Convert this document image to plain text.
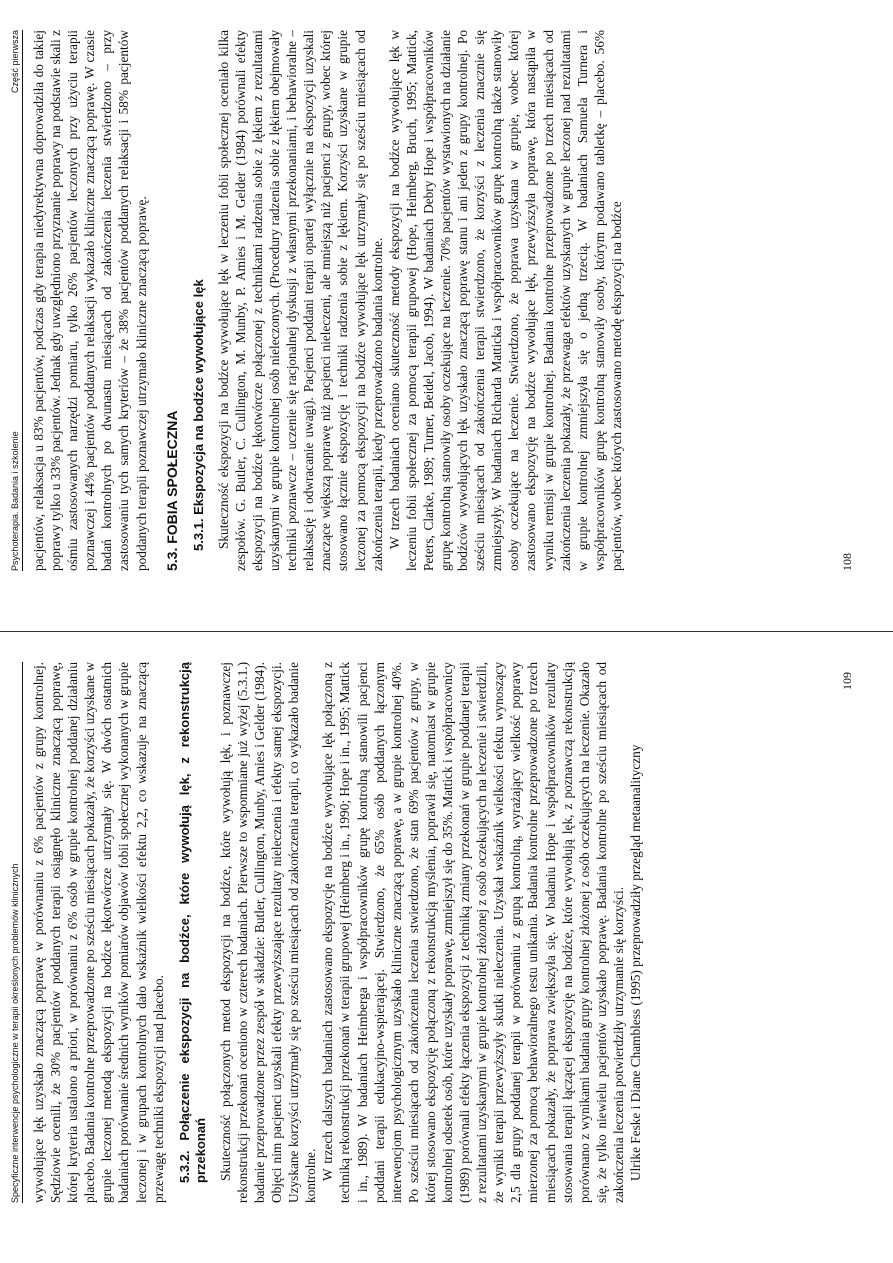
Psychoterapia. Badania i szkolenie
Część pierwsza pacjentów, relaksacja u 83% pacjentów, podczas gdy terapia niedyrektywna doprowadziła do takiej poprawy tylko u 33% pacjentów. Jednak gdy uwzględniono przyznanie poprawy na podstawie skali z ośmiu zastosowanych narzędzi pomiaru, tylko 26% pacjentów leczonych przy użyciu terapii poznawczej i 44% pacjentów poddanych relaksacji wykazało kliniczne znaczącą poprawę. W czasie badań kontrolnych po dwunastu miesiącach od zakończenia leczenia stwierdzono – przy zastosowaniu tych samych kryteriów – że 38% pacjentów poddanych relaksacji i 58% pacjentów poddanych terapii poznawczej utrzymało kliniczne znaczącą poprawę. 5.3. FOBIA SPOŁECZNA 5.3.1. Ekspozycja na bodźce wywołujące lęk Skuteczność ekspozycji na bodźce wywołujące lęk w leczeniu fobii społecznej oceniało kilka zespołów. G. Butler, C. Cullington, M. Munby, P. Amies i M. Gelder (1984) porównali efekty ekspozycji na bodźce lękotwórcze połączonej z technikami radzenia sobie z lękiem z rezultatami uzyskanymi w grupie kontrolnej osób nieleczonych. (Procedury radzenia sobie z lękiem obejmowały techniki poznawcze – uczenie się racjonalnej dyskusji z własnymi przekonaniami, i behawioralne – relaksację i odwracanie uwagi). Pacjenci poddani terapii opartej wyłącznie na ekspozycji uzyskali znaczące większą poprawę niż pacjenci nieleczeni, ale mniejszą niż pacjenci z grupy, wobec której stosowano łącznie ekspozycję i techniki radzenia sobie z lękiem. Korzyści uzyskane w grupie leczonej za pomocą ekspozycji na bodźce wywołujące lęk utrzymały się po sześciu miesiącach od zakończenia terapii, kiedy przeprowadzono badania kontrolne. W trzech badaniach oceniano skuteczność metody ekspozycji na bodźce wywołujące lęk w leczeniu fobii społecznej za pomocą terapii grupowej (Hope, Heimberg, Bruch, 1995; Mattick, Peters, Clarke, 1989; Turner, Beidel, Jacob, 1994). W badaniach Debry Hope i współpracowników grupę kontrolną stanowiły osoby oczekujące na leczenie. 70% pacjentów wystawionych na działanie bodźców wywołujących lęk uzyskało znaczącą poprawę stanu i ani jeden z grupy kontrolnej. Po sześciu miesiącach od zakończenia terapii stwierdzono, że korzyści z leczenia znacznie się zmniejszyły. W badaniach Richarda Matticka i współpracowników grupę kontrolną także stanowiły osoby oczekujące na leczenie. Stwierdzono, że poprawa uzyskana w grupie, wobec której zastosowano ekspozycję na bodźce wywołujące lęk, przewyższyła poprawę, która nastąpiła w wyniku remisji w grupie kontrolnej. Badania kontrolne przeprowadzone po trzech miesiącach od zakończenia leczenia pokazały, że przewaga efektów uzyskanych w grupie leczonej nad rezultatami w grupie kontrolnej zmniejszyła się o jedną trzecią. W badaniach Samuela Turnera i współpracowników grupę kontrolną stanowiły osoby, którym podawano tabletkę – placebo. 56% pacjentów, wobec których zastosowano metodę ekspozycji na bodźce	108
Specyficzne interwencje psychologiczne w terapii określonych problemów klinicznych wywołujące lęk uzyskało znaczącą poprawę w porównaniu z 6% pacjentów z grupy kontrolnej. Sędziowie ocenili, że 30% pacjentów poddanych terapii osiągnęło kliniczne znaczącą poprawę, której kryteria ustalono a priori, w porównaniu z 6% osób w grupie kontrolnej poddanej działaniu placebo. Badania kontrolne przeprowadzone po sześciu miesiącach pokazały, że korzyści uzyskane w grupie leczonej metodą ekspozycji na bodźce lękotwórcze utrzymały się. W dwóch ostatnich badaniach porównanie średnich wyników pomiarów objawów fobii społecznej wykonanych w grupie leczonej i w grupach kontrolnych dało wskaźnik wielkości efektu 2,2, co wskazuje na znaczącą przewagę techniki ekspozycji nad placebo. 5.3.2. Połączenie ekspozycji na bodźce, które wywołują lęk, z rekonstrukcją przekonań Skuteczność połączonych metod ekspozycji na bodźce, które wywołują lęk, i poznawczej rekonstrukcji przekonań oceniono w czterech badaniach. Pierwsze to wspomniane już wyżej (5.3.1.) badanie przeprowadzone przez zespół w składzie: Butler, Cullington, Munby, Amies i Gelder (1984). Objęci nim pacjenci uzyskali efekty przewyższające rezultaty nieleczenia i efekty samej ekspozycji. Uzyskane korzyści utrzymały się po sześciu miesiącach od zakończenia terapii, co wykazało badanie kontrolne. W trzech dalszych badaniach zastosowano ekspozycję na bodźce wywołujące lęk połączoną z techniką rekonstrukcji przekonań w terapii grupowej (Heimberg i in., 1990; Hope i in., 1995; Mattick i in., 1989). W badaniach Heimberga i współpracowników grupę kontrolną stanowili pacjenci poddani terapii edukacyjno-wspierającej. Stwierdzono, że 65% osób poddanych łączonym interwencjom psychologicznym uzyskało kliniczne znaczącą poprawę, a w grupie kontrolnej 40%. Po sześciu miesiącach od zakończenia leczenia stwierdzono, że stan 69% pacjentów z grupy, w której stosowano ekspozycję połączoną z rekonstrukcją myślenia, poprawił się, natomiast w grupie kontrolnej odsetek osób, które uzyskały poprawę, zmniejszył się do 35%. Mattick i współpracownicy (1989) porównali efekty łączenia ekspozycji z techniką zmiany przekonań w grupie poddanej terapii z rezultatami uzyskanymi w grupie kontrolnej złożonej z osób oczekujących na leczenie i stwierdzili, że wyniki terapii przewyższyły skutki nieleczenia. Uzyskał wskaźnik wielkości efektu wynoszący 2,5 dla grupy poddanej terapii w porównaniu z grupą kontrolną, wyrażający wielkość poprawy mierzonej za pomocą behawioralnego testu unikania. Badania kontrolne przeprowadzone po trzech miesiącach pokazały, że poprawa zwiększyła się. W badaniu Hope i współpracowników rezultaty stosowania terapii łączącej ekspozycję na bodźce, które wywołują lęk, z poznawczą rekonstrukcją porównano z wynikami badania grupy kontrolnej złożonej z osób oczekujących na leczenie. Okazało się, że tylko niewielu pacjentów uzyskało poprawę. Badania kontrolne po sześciu miesiącach od zakończenia leczenia potwierdziły utrzymanie się korzyści. Ulrike Feske i Diane Chambless (1995) przeprowadziły przegląd metaanalityczny

109
